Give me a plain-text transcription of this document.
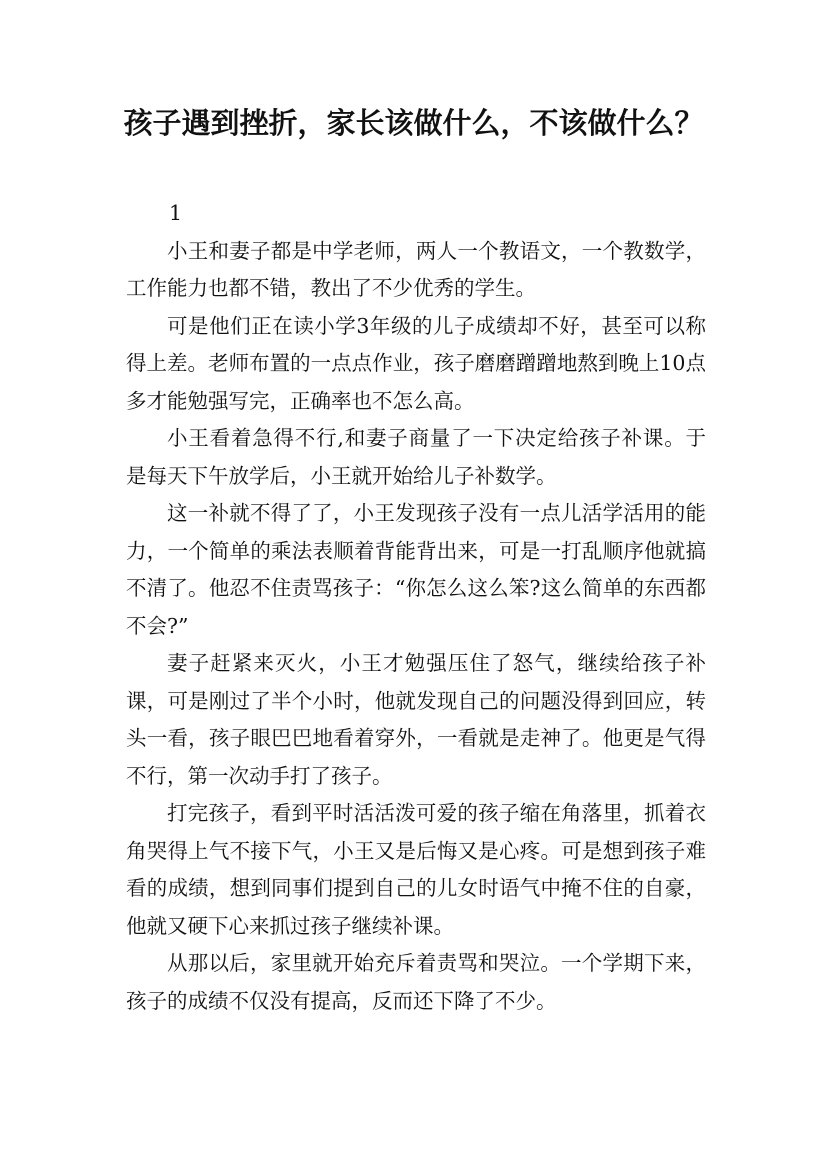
孩子遇到挫折，家长该做什么，不该做什么？

1

小王和妻子都是中学老师，两人一个教语文，一个教数学，工作能力也都不错，教出了不少优秀的学生。

可是他们正在读小学3年级的儿子成绩却不好，甚至可以称得上差。老师布置的一点点作业，孩子磨磨蹭蹭地熬到晚上10点多才能勉强写完，正确率也不怎么高。

小王看着急得不行,和妻子商量了一下决定给孩子补课。于是每天下午放学后，小王就开始给儿子补数学。

这一补就不得了了，小王发现孩子没有一点儿活学活用的能力，一个简单的乘法表顺着背能背出来，可是一打乱顺序他就搞不清了。他忍不住责骂孩子：“你怎么这么笨?这么简单的东西都不会?”

妻子赶紧来灭火，小王才勉强压住了怒气，继续给孩子补课，可是刚过了半个小时，他就发现自己的问题没得到回应，转头一看，孩子眼巴巴地看着穿外，一看就是走神了。他更是气得不行，第一次动手打了孩子。

打完孩子，看到平时活活泼可爱的孩子缩在角落里，抓着衣角哭得上气不接下气，小王又是后悔又是心疼。可是想到孩子难看的成绩，想到同事们提到自己的儿女时语气中掩不住的自豪，他就又硬下心来抓过孩子继续补课。

从那以后，家里就开始充斥着责骂和哭泣。一个学期下来，孩子的成绩不仅没有提高，反而还下降了不少。
